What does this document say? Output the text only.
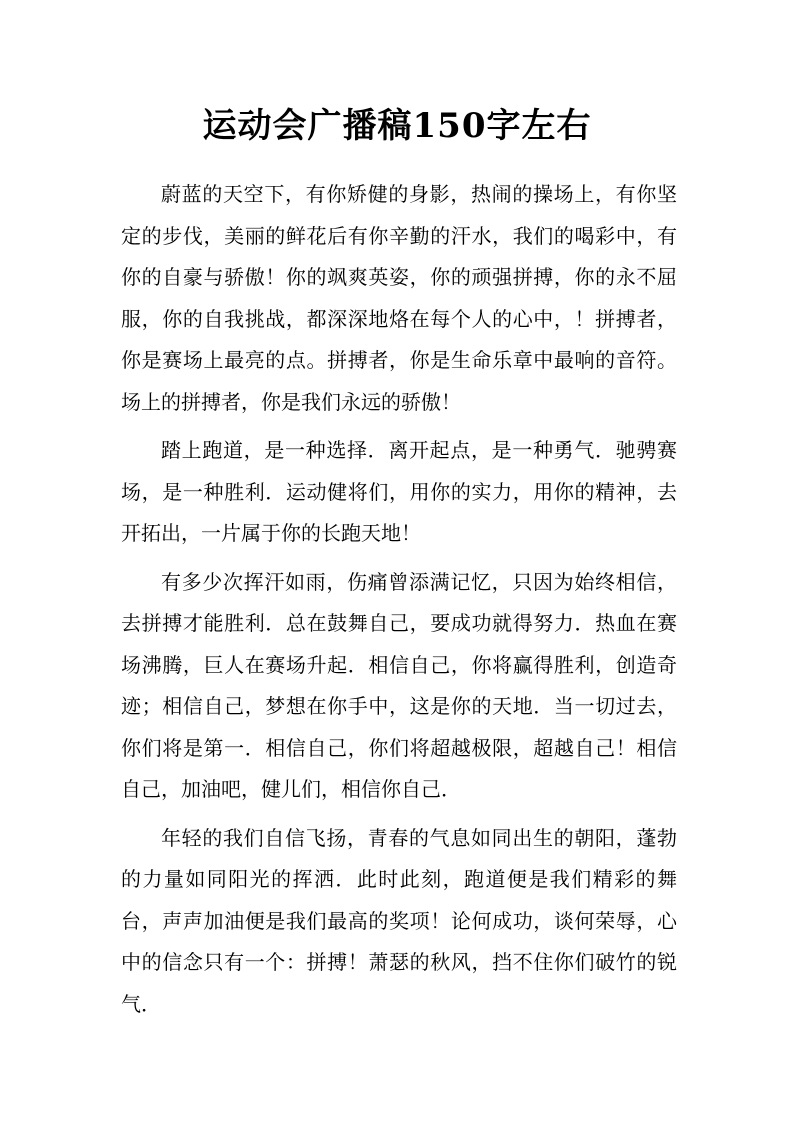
运动会广播稿150字左右

蔚蓝的天空下，有你矫健的身影，热闹的操场上，有你坚定的步伐，美丽的鲜花后有你辛勤的汗水，我们的喝彩中，有你的自豪与骄傲！你的飒爽英姿，你的顽强拼搏，你的永不屈服，你的自我挑战，都深深地烙在每个人的心中，！拼搏者，你是赛场上最亮的点。拼搏者，你是生命乐章中最响的音符。场上的拼搏者，你是我们永远的骄傲！

踏上跑道，是一种选择．离开起点，是一种勇气．驰骋赛场，是一种胜利．运动健将们，用你的实力，用你的精神，去开拓出，一片属于你的长跑天地！

有多少次挥汗如雨，伤痛曾添满记忆，只因为始终相信，去拼搏才能胜利．总在鼓舞自己，要成功就得努力．热血在赛场沸腾，巨人在赛场升起．相信自己，你将赢得胜利，创造奇迹；相信自己，梦想在你手中，这是你的天地．当一切过去，你们将是第一．相信自己，你们将超越极限，超越自己！相信自己，加油吧，健儿们，相信你自己．

年轻的我们自信飞扬，青春的气息如同出生的朝阳，蓬勃的力量如同阳光的挥洒．此时此刻，跑道便是我们精彩的舞台，声声加油便是我们最高的奖项！论何成功，谈何荣辱，心中的信念只有一个：拼搏！萧瑟的秋风，挡不住你们破竹的锐气．
